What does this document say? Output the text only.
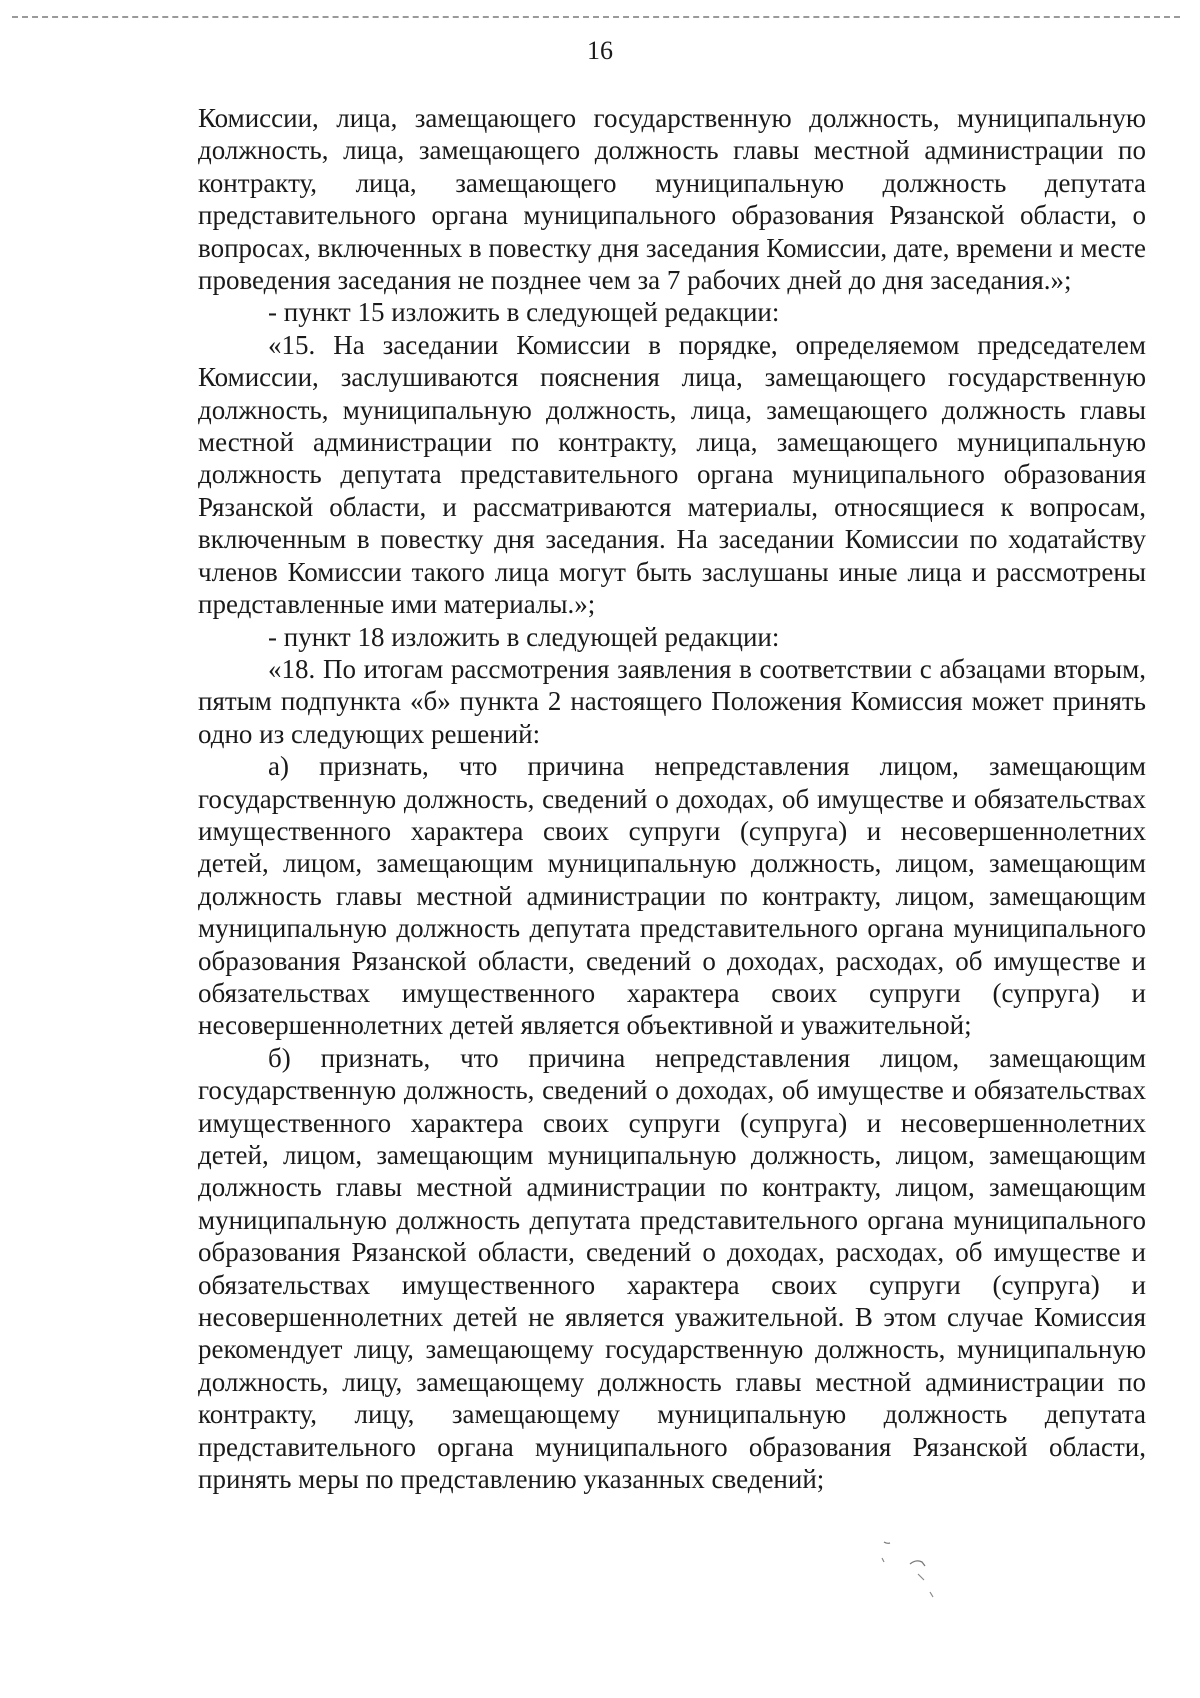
16

Комиссии, лица, замещающего государственную должность, муниципальную должность, лица, замещающего должность главы местной администрации по контракту, лица, замещающего муниципальную должность депутата представительного органа муниципального образования Рязанской области, о вопросах, включенных в повестку дня заседания Комиссии, дате, времени и месте проведения заседания не позднее чем за 7 рабочих дней до дня заседания.»;

- пункт 15 изложить в следующей редакции:

«15. На заседании Комиссии в порядке, определяемом председателем Комиссии, заслушиваются пояснения лица, замещающего государственную должность, муниципальную должность, лица, замещающего должность главы местной администрации по контракту, лица, замещающего муниципальную должность депутата представительного органа муниципального образования Рязанской области, и рассматриваются материалы, относящиеся к вопросам, включенным в повестку дня заседания. На заседании Комиссии по ходатайству членов Комиссии такого лица могут быть заслушаны иные лица и рассмотрены представленные ими материалы.»;

- пункт 18 изложить в следующей редакции:

«18. По итогам рассмотрения заявления в соответствии с абзацами вторым, пятым подпункта «б» пункта 2 настоящего Положения Комиссия может принять одно из следующих решений:

а) признать, что причина непредставления лицом, замещающим государственную должность, сведений о доходах, об имуществе и обязательствах имущественного характера своих супруги (супруга) и несовершеннолетних детей, лицом, замещающим муниципальную должность, лицом, замещающим должность главы местной администрации по контракту, лицом, замещающим муниципальную должность депутата представительного органа муниципального образования Рязанской области, сведений о доходах, расходах, об имуществе и обязательствах имущественного характера своих супруги (супруга) и несовершеннолетних детей является объективной и уважительной;

б) признать, что причина непредставления лицом, замещающим государственную должность, сведений о доходах, об имуществе и обязательствах имущественного характера своих супруги (супруга) и несовершеннолетних детей, лицом, замещающим муниципальную должность, лицом, замещающим должность главы местной администрации по контракту, лицом, замещающим муниципальную должность депутата представительного органа муниципального образования Рязанской области, сведений о доходах, расходах, об имуществе и обязательствах имущественного характера своих супруги (супруга) и несовершеннолетних детей не является уважительной. В этом случае Комиссия рекомендует лицу, замещающему государственную должность, муниципальную должность, лицу, замещающему должность главы местной администрации по контракту, лицу, замещающему муниципальную должность депутата представительного органа муниципального образования Рязанской области, принять меры по представлению указанных сведений;
